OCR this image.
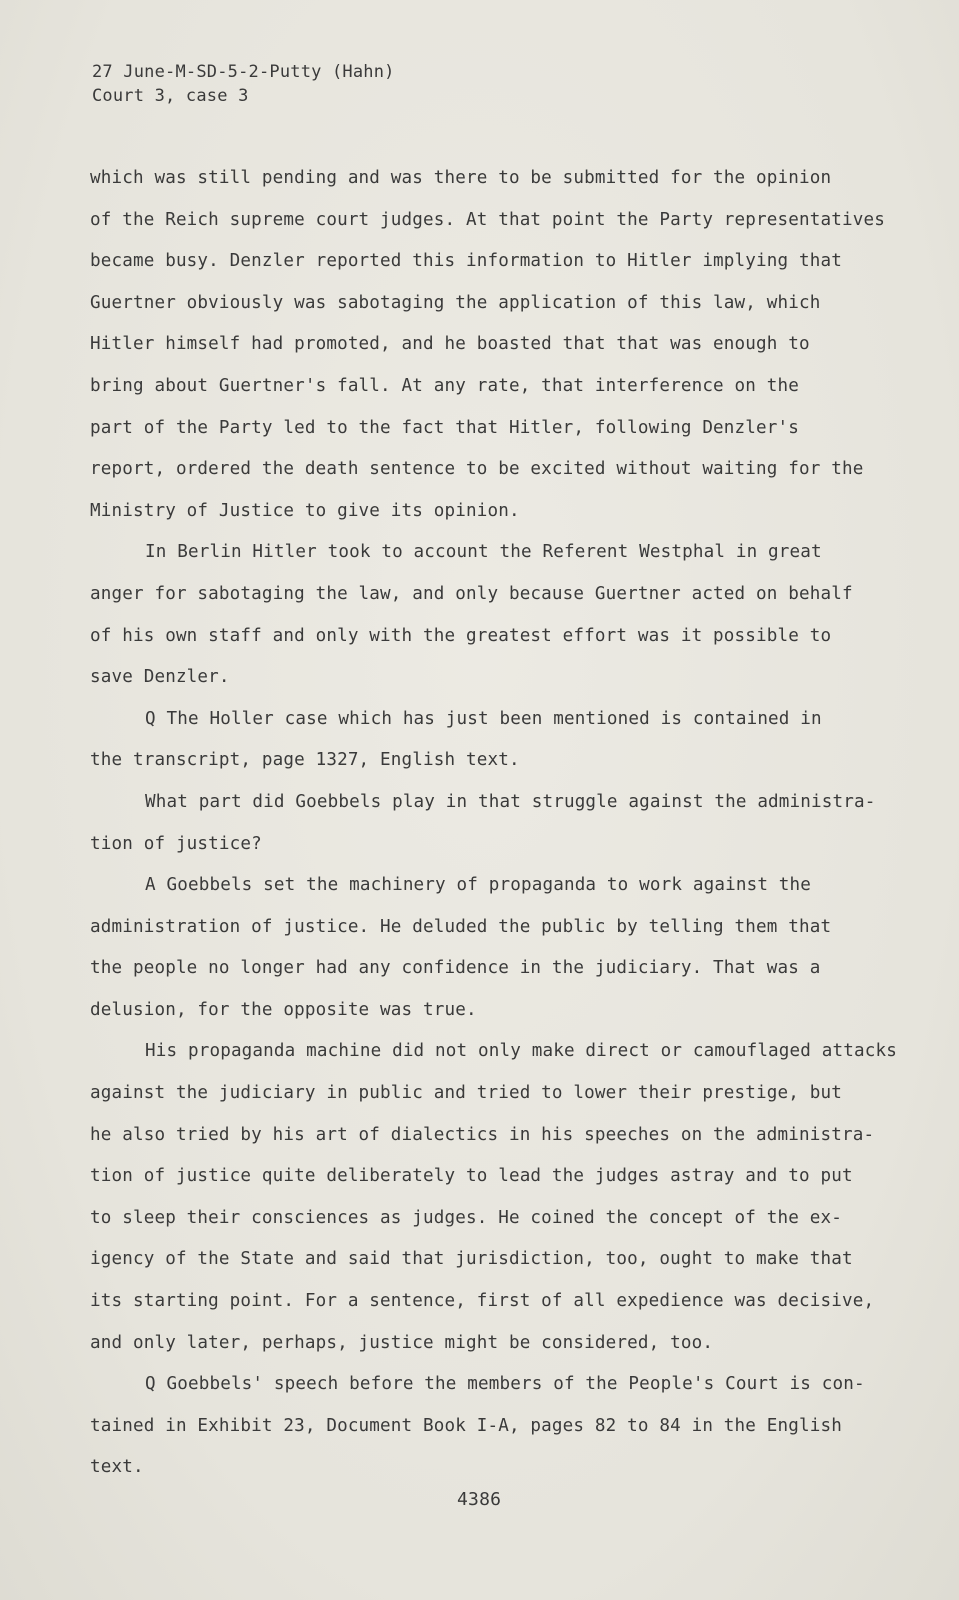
27 June-M-SD-5-2-Putty (Hahn)
Court 3, case 3
which was still pending and was there to be submitted for the opinion
of the Reich supreme court judges. At that point the Party representatives
became busy. Denzler reported this information to Hitler implying that
Guertner obviously was sabotaging the application of this law, which
Hitler himself had promoted, and he boasted that that was enough to
bring about Guertner's fall. At any rate, that interference on the
part of the Party led to the fact that Hitler, following Denzler's
report, ordered the death sentence to be excited without waiting for the
Ministry of Justice to give its opinion.
In Berlin Hitler took to account the Referent Westphal in great
anger for sabotaging the law, and only because Guertner acted on behalf
of his own staff and only with the greatest effort was it possible to
save Denzler.
Q The Holler case which has just been mentioned is contained in
the transcript, page 1327, English text.
What part did Goebbels play in that struggle against the administra-
tion of justice?
A Goebbels set the machinery of propaganda to work against the
administration of justice. He deluded the public by telling them that
the people no longer had any confidence in the judiciary. That was a
delusion, for the opposite was true.
His propaganda machine did not only make direct or camouflaged attacks
against the judiciary in public and tried to lower their prestige, but
he also tried by his art of dialectics in his speeches on the administra-
tion of justice quite deliberately to lead the judges astray and to put
to sleep their consciences as judges. He coined the concept of the ex-
igency of the State and said that jurisdiction, too, ought to make that
its starting point. For a sentence, first of all expedience was decisive,
and only later, perhaps, justice might be considered, too.
Q Goebbels' speech before the members of the People's Court is con-
tained in Exhibit 23, Document Book I-A, pages 82 to 84 in the English
text.
4386
